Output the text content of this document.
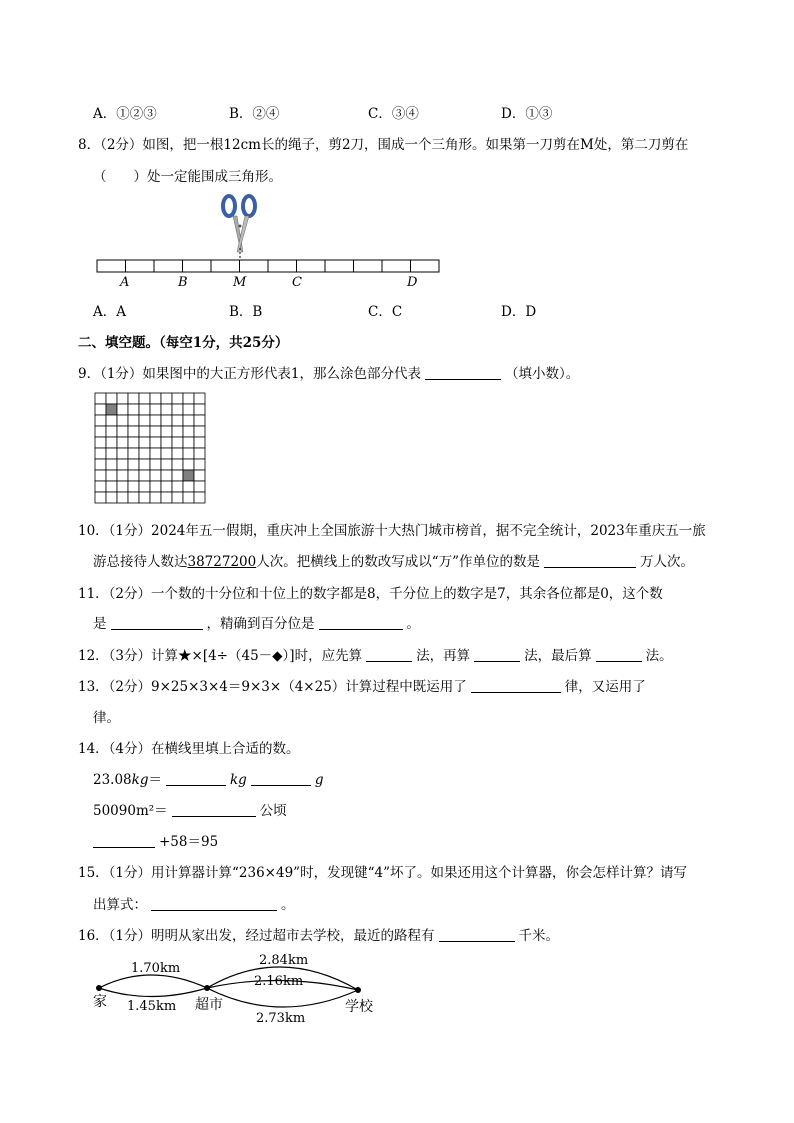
A．①②③	B．②④	C．③④	D．①③
8．（2分）如图，把一根12cm长的绳子，剪2刀，围成一个三角形。如果第一刀剪在M处，第二刀剪在
（　　）处一定能围成三角形。
A	B	M	C	D
A．A	B．B	C．C	D．D
二、填空题。（每空1分，共25分）
9．（1分）如果图中的大正方形代表1，那么涂色部分代表	（填小数）。
10．（1分）2024年五一假期，重庆冲上全国旅游十大热门城市榜首，据不完全统计，2023年重庆五一旅
游总接待人数达38727200人次。把横线上的数改写成以“万”作单位的数是	万人次。
11．（2分）一个数的十分位和十位上的数字都是8，千分位上的数字是7，其余各位都是0，这个数
是	，精确到百分位是	。
12．（3分）计算★×[4÷（45－◆）]时，应先算	法，再算	法，最后算	法。
13．（2分）9×25×3×4＝9×3×（4×25）计算过程中既运用了	律，又运用了
律。
14．（4分）在横线里填上合适的数。
23.08kg＝	kg	g
50090m²＝	公顷
+58＝95
15．（1分）用计算器计算“236×49”时，发现键“4”坏了。如果还用这个计算器，你会怎样计算？请写
出算式：	。
16．（1分）明明从家出发，经过超市去学校，最近的路程有	千米。
家	超市	学校
1.70km
1.45km
2.84km
2.16km
2.73km
